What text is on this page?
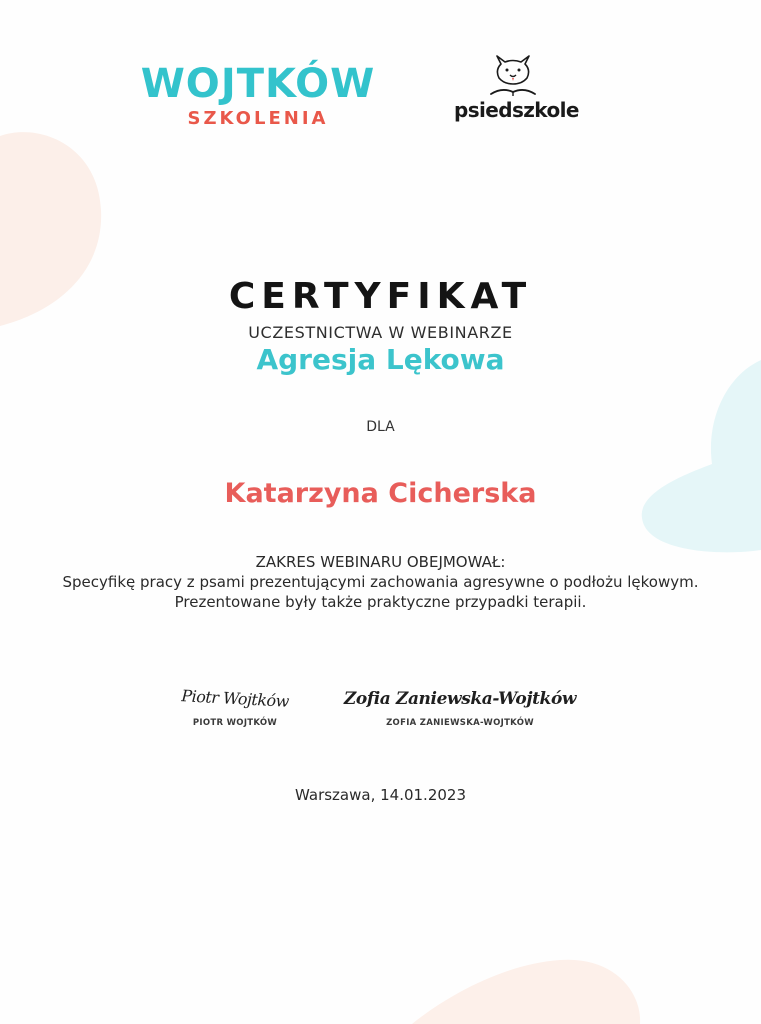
WOJTKÓW
SZKOLENIA	psiedszkole
CERTYFIKAT
UCZESTNICTWA W WEBINARZE
Agresja Lękowa
DLA
Katarzyna Cicherska
ZAKRES WEBINARU OBEJMOWAŁ:
Specyfikę pracy z psami prezentującymi zachowania agresywne o podłożu lękowym. Prezentowane były także praktyczne przypadki terapii.
Piotr Wojtków
PIOTR WOJTKÓW
Zofia Zaniewska-Wojtków
ZOFIA ZANIEWSKA-WOJTKÓW
Warszawa, 14.01.2023
